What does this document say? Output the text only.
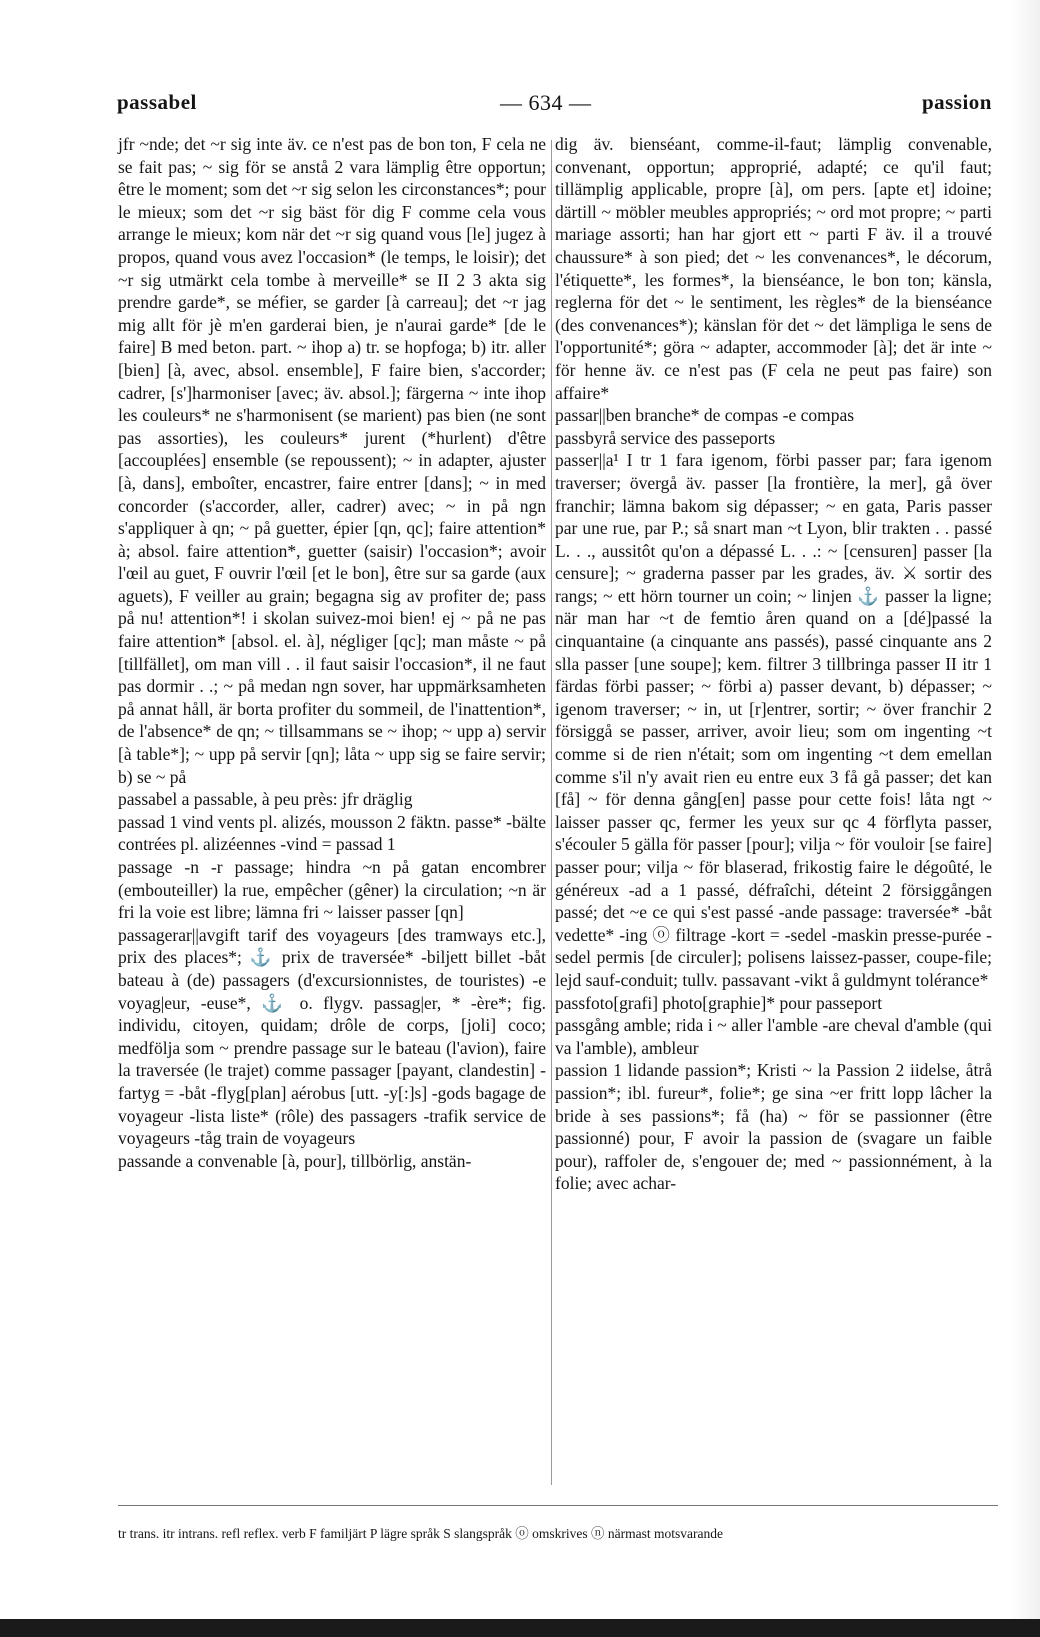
passabel	— 634 —	passion
jfr ~nde; det ~r sig inte äv. ce n'est pas de bon ton, F cela ne se fait pas; ~ sig för se anstå 2 vara lämplig être opportun; être le moment; som det ~r sig selon les circonstances*; pour le mieux; som det ~r sig bäst för dig F comme cela vous arrange le mieux; kom när det ~r sig quand vous [le] jugez à propos, quand vous avez l'occasion* (le temps, le loisir); det ~r sig utmärkt cela tombe à merveille* se II 2 3 akta sig prendre garde*, se méfier, se garder [à carreau]; det ~r jag mig allt för jè m'en garderai bien, je n'aurai garde* [de le faire] B med beton. part. ~ ihop a) tr. se hopfoga; b) itr. aller [bien] [à, avec, absol. ensemble], F faire bien, s'accorder; cadrer, [s']harmoniser [avec; äv. absol.]; färgerna ~ inte ihop les couleurs* ne s'harmonisent (se marient) pas bien (ne sont pas assorties), les couleurs* jurent (*hurlent) d'être [accouplées] ensemble (se repoussent); ~ in adapter, ajuster [à, dans], emboîter, encastrer, faire entrer [dans]; ~ in med concorder (s'accorder, aller, cadrer) avec; ~ in på ngn s'appliquer à qn; ~ på guetter, épier [qn, qc]; faire attention* à; absol. faire attention*, guetter (saisir) l'occasion*; avoir l'œil au guet, F ouvrir l'œil [et le bon], être sur sa garde (aux aguets), F veiller au grain; begagna sig av profiter de; pass på nu! attention*! i skolan suivez-moi bien! ej ~ på ne pas faire attention* [absol. el. à], négliger [qc]; man måste ~ på [tillfället], om man vill . . il faut saisir l'occasion*, il ne faut pas dormir . .; ~ på medan ngn sover, har uppmärksamheten på annat håll, är borta profiter du sommeil, de l'inattention*, de l'absence* de qn; ~ tillsammans se ~ ihop; ~ upp a) servir [à table*]; ~ upp på servir [qn]; låta ~ upp sig se faire servir; b) se ~ på
passabel a passable, à peu près: jfr dräglig
passad 1 vind vents pl. alizés, mousson 2 fäktn. passe* -bälte contrées pl. alizéennes -vind = passad 1
passage -n -r passage; hindra ~n på gatan encombrer (embouteiller) la rue, empêcher (gêner) la circulation; ~n är fri la voie est libre; lämna fri ~ laisser passer [qn]
passagerar||avgift tarif des voyageurs [des tramways etc.], prix des places*; ⚓ prix de traversée* -biljett billet -båt bateau à (de) passagers (d'excursionnistes, de touristes) -e voyag|eur, -euse*, ⚓ o. flygv. passag|er, * -ère*; fig. individu, citoyen, quidam; drôle de corps, [joli] coco; medfölja som ~ prendre passage sur le bateau (l'avion), faire la traversée (le trajet) comme passager [payant, clandestin] -fartyg = -båt -flyg[plan] aérobus [utt. -y[:]s] -gods bagage de voyageur -lista liste* (rôle) des passagers -trafik service de voyageurs -tåg train de voyageurs
passande a convenable [à, pour], tillbörlig, anstän-
dig äv. bienséant, comme-il-faut; lämplig convenable, convenant, opportun; approprié, adapté; ce qu'il faut; tillämplig applicable, propre [à], om pers. [apte et] idoine; därtill ~ möbler meubles appropriés; ~ ord mot propre; ~ parti mariage assorti; han har gjort ett ~ parti F äv. il a trouvé chaussure* à son pied; det ~ les convenances*, le décorum, l'étiquette*, les formes*, la bienséance, le bon ton; känsla, reglerna för det ~ le sentiment, les règles* de la bienséance (des convenances*); känslan för det ~ det lämpliga le sens de l'opportunité*; göra ~ adapter, accommoder [à]; det är inte ~ för henne äv. ce n'est pas (F cela ne peut pas faire) son affaire*
passar||ben branche* de compas -e compas
passbyrå service des passeports
passer||a¹ I tr 1 fara igenom, förbi passer par; fara igenom traverser; övergå äv. passer [la frontière, la mer], gå över franchir; lämna bakom sig dépasser; ~ en gata, Paris passer par une rue, par P.; så snart man ~t Lyon, blir trakten . . passé L. . ., aussitôt qu'on a dépassé L. . .: ~ [censuren] passer [la censure]; ~ graderna passer par les grades, äv. ⚔ sortir des rangs; ~ ett hörn tourner un coin; ~ linjen ⚓ passer la ligne; när man har ~t de femtio åren quand on a [dé]passé la cinquantaine (a cinquante ans passés), passé cinquante ans 2 slla passer [une soupe]; kem. filtrer 3 tillbringa passer II itr 1 färdas förbi passer; ~ förbi a) passer devant, b) dépasser; ~ igenom traverser; ~ in, ut [r]entrer, sortir; ~ över franchir 2 försiggå se passer, arriver, avoir lieu; som om ingenting ~t comme si de rien n'était; som om ingenting ~t dem emellan comme s'il n'y avait rien eu entre eux 3 få gå passer; det kan [få] ~ för denna gång[en] passe pour cette fois! låta ngt ~ laisser passer qc, fermer les yeux sur qc 4 förflyta passer, s'écouler 5 gälla för passer [pour]; vilja ~ för vouloir [se faire] passer pour; vilja ~ för blaserad, frikostig faire le dégoûté, le généreux -ad a 1 passé, défraîchi, déteint 2 försiggången passé; det ~e ce qui s'est passé -ande passage: traversée* -båt vedette* -ing ⓞ filtrage -kort = -sedel -maskin presse-purée -sedel permis [de circuler]; polisens laissez-passer, coupe-file; lejd sauf-conduit; tullv. passavant -vikt å guldmynt tolérance*
passfoto[grafi] photo[graphie]* pour passeport
passgång amble; rida i ~ aller l'amble -are cheval d'amble (qui va l'amble), ambleur
passion 1 lidande passion*; Kristi ~ la Passion 2 iidelse, åtrå passion*; ibl. fureur*, folie*; ge sina ~er fritt lopp lâcher la bride à ses passions*; få (ha) ~ för se passionner (être passionné) pour, F avoir la passion de (svagare un faible pour), raffoler de, s'engouer de; med ~ passionnément, à la folie; avec achar-
tr trans. itr intrans. refl reflex. verb F familjärt P lägre språk S slangspråk ⓞ omskrives ⓝ närmast motsvarande
